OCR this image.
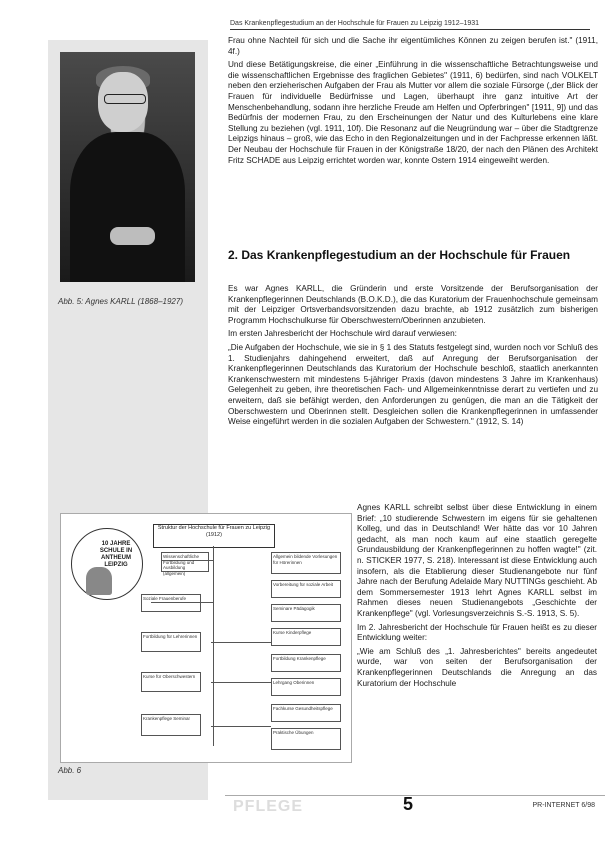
Das Krankenpflegestudium an der Hochschule für Frauen zu Leipzig 1912–1931
Abb. 5: Agnes KARLL (1868–1927)

Frau ohne Nachteil für sich und die Sache ihr eigentümliches Können zu zeigen berufen ist." (1911, 4f.)

Und diese Betätigungskreise, die einer „Einführung in die wissenschaftliche Betrachtungsweise und die wissenschaftlichen Ergebnisse des fraglichen Gebietes" (1911, 6) bedürfen, sind nach VOLKELT neben den erzieherischen Aufgaben der Frau als Mutter vor allem die soziale Fürsorge („der Blick der Frauen für individuelle Bedürfnisse und Lagen, überhaupt ihre ganz intuitive Art der Menschenbehandlung, sodann ihre herzliche Freude am Helfen und Opferbringen" [1911, 9]) und das Bedürfnis der modernen Frau, zu den Erscheinungen der Natur und des Kulturlebens eine klare Stellung zu beziehen (vgl. 1911, 10f). Die Resonanz auf die Neugründung war – über die Stadtgrenze Leipzigs hinaus – groß, wie das Echo in den Regionalzeitungen und in der Fachpresse erkennen läßt. Der Neubau der Hochschule für Frauen in der Königstraße 18/20, der nach den Plänen des Architekt Fritz SCHADE aus Leipzig errichtet worden war, konnte Ostern 1914 eingeweiht werden.

2. Das Krankenpflegestudium an der Hochschule für Frauen

Es war Agnes KARLL, die Gründerin und erste Vorsitzende der Berufsorganisation der Krankenpflegerinnen Deutschlands (B.O.K.D.), die das Kuratorium der Frauenhochschule gemeinsam mit der Leipziger Ortsverbandsvorsitzenden dazu brachte, ab 1912 zusätzlich zum bisherigen Programm Hochschulkurse für Oberschwestern/Oberinnen anzubieten.

Im ersten Jahresbericht der Hochschule wird darauf verwiesen:

„Die Aufgaben der Hochschule, wie sie in § 1 des Statuts festgelegt sind, wurden noch vor Schluß des 1. Studienjahrs dahingehend erweitert, daß auf Anregung der Berufsorganisation der Krankenpflegerinnen Deutschlands das Kuratorium der Hochschule beschloß, staatlich anerkannten Krankenschwestern mit mindestens 5-jähriger Praxis (davon mindestens 3 Jahre im Krankenhaus) Gelegenheit zu geben, ihre theoretischen Fach- und Allgemeinkenntnisse derart zu vertiefen und zu erweitern, daß sie befähigt werden, den Anforderungen zu genügen, die man an die Tätigkeit der Oberschwestern und Oberinnen stellt. Desgleichen sollen die Krankenpflegerinnen in umfassender Weise eingeführt werden in die sozialen Aufgaben der Schwestern." (1912, S. 14)

10 JAHRE SCHULE IN ANTHEUM LEIPZIG
Struktur der Hochschule für Frauen zu Leipzig (1912)
Wissenschaftliche Fortbildung und Ausbildung (allgemein)
Soziale Frauenberufe
Fortbildung für Lehrerinnen
Kurse für Oberschwestern
Krankenpflege Seminar
Allgemein bildende Vorlesungen für Hörerinnen
Vorbereitung für soziale Arbeit
Seminare Pädagogik
Kurse Kinderpflege
Fortbildung Krankenpflege
Lehrgang Oberinnen
Fachkurse Gesundheitspflege
Praktische Übungen
Abb. 6

Agnes KARLL schreibt selbst über diese Entwicklung in einem Brief: „10 studierende Schwestern im eigens für sie gehaltenen Kolleg, und das in Deutschland! Wer hätte das vor 10 Jahren gedacht, als man noch kaum auf eine staatlich geregelte Grundausbildung der Krankenpflegerinnen zu hoffen wagte!" (zit. n. STICKER 1977, S. 218). Interessant ist diese Entwicklung auch insofern, als die Etablierung dieser Studienangebote nur fünf Jahre nach der Berufung Adelaide Mary NUTTINGs geschieht. Ab dem Sommersemester 1913 lehrt Agnes KARLL selbst im Rahmen dieses neuen Studienangebots „Geschichte der Krankenpflege" (vgl. Vorlesungsverzeichnis S.-S. 1913, S. 5).

Im 2. Jahresbericht der Hochschule für Frauen heißt es zu dieser Entwicklung weiter:

„Wie am Schluß des „1. Jahresberichtes" bereits angedeutet wurde, war von seiten der Berufsorganisation der Krankenpflegerinnen Deutschlands die Anregung an das Kuratorium der Hochschule

PFLEGE	5	PR-INTERNET 6/98
